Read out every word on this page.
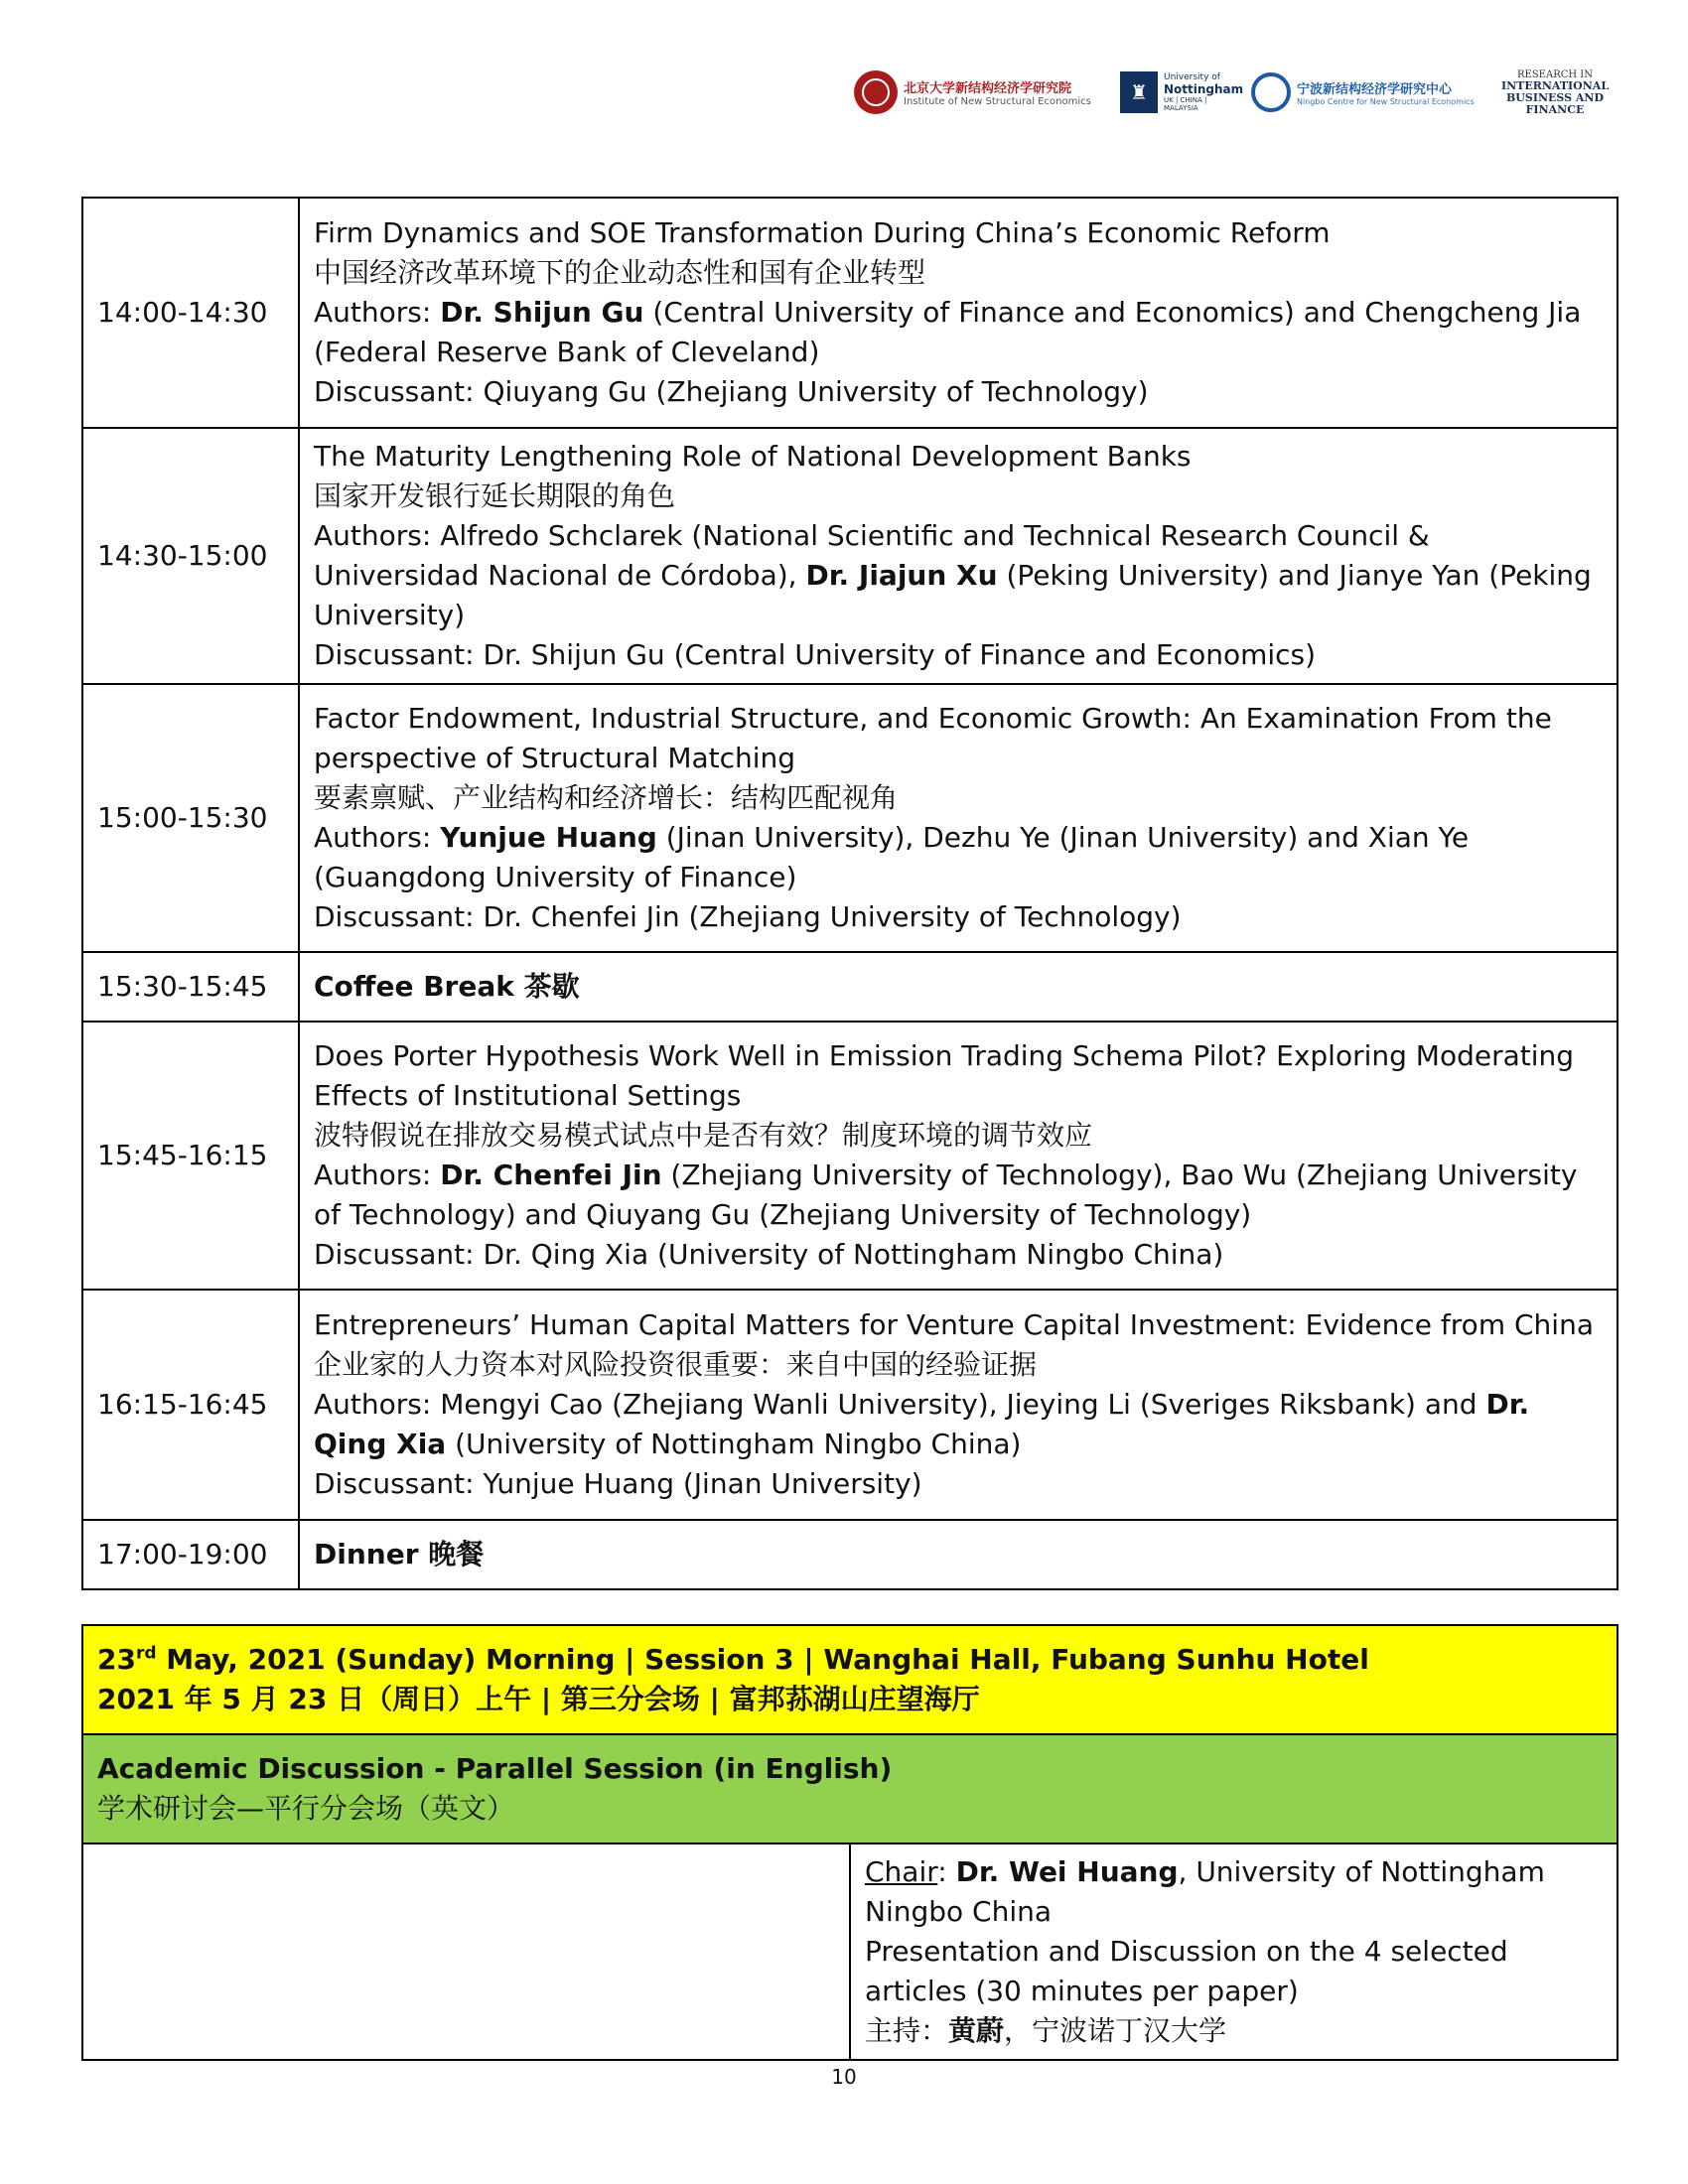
北京大学新结构经济学研究院
Institute of New Structural Economics	♜
University of
Nottingham
UK | CHINA | MALAYSIA
宁波新结构经济学研究中心
Ningbo Centre for New Structural Economics
RESEARCH IN
INTERNATIONAL
BUSINESS AND
FINANCE
14:00-14:30	Firm Dynamics and SOE Transformation During China’s Economic Reform
中国经济改革环境下的企业动态性和国有企业转型
Authors: Dr. Shijun Gu (Central University of Finance and Economics) and Chengcheng Jia (Federal Reserve Bank of Cleveland)
Discussant: Qiuyang Gu (Zhejiang University of Technology)

14:30-15:00	The Maturity Lengthening Role of National Development Banks
国家开发银行延长期限的角色
Authors: Alfredo Schclarek (National Scientific and Technical Research Council & Universidad Nacional de Córdoba), Dr. Jiajun Xu (Peking University) and Jianye Yan (Peking University)
Discussant: Dr. Shijun Gu (Central University of Finance and Economics)

15:00-15:30	Factor Endowment, Industrial Structure, and Economic Growth: An Examination From the perspective of Structural Matching
要素禀赋、产业结构和经济增长：结构匹配视角
Authors: Yunjue Huang (Jinan University), Dezhu Ye (Jinan University) and Xian Ye (Guangdong University of Finance)
Discussant: Dr. Chenfei Jin (Zhejiang University of Technology)

15:30-15:45	Coffee Break 茶歇
15:45-16:15	Does Porter Hypothesis Work Well in Emission Trading Schema Pilot? Exploring Moderating Effects of Institutional Settings
波特假说在排放交易模式试点中是否有效？制度环境的调节效应
Authors: Dr. Chenfei Jin (Zhejiang University of Technology), Bao Wu (Zhejiang University of Technology) and Qiuyang Gu (Zhejiang University of Technology)
Discussant: Dr. Qing Xia (University of Nottingham Ningbo China)

16:15-16:45	Entrepreneurs’ Human Capital Matters for Venture Capital Investment: Evidence from China
企业家的人力资本对风险投资很重要：来自中国的经验证据
Authors: Mengyi Cao (Zhejiang Wanli University), Jieying Li (Sveriges Riksbank) and Dr. Qing Xia (University of Nottingham Ningbo China)
Discussant: Yunjue Huang (Jinan University)

17:00-19:00	Dinner 晚餐
23rd May, 2021 (Sunday) Morning | Session 3 | Wanghai Hall, Fubang Sunhu Hotel
2021 年 5 月 23 日（周日）上午 | 第三分会场 | 富邦荪湖山庄望海厅

Academic Discussion - Parallel Session (in English)
学术研讨会—平行分会场（英文）

Chair: Dr. Wei Huang, University of Nottingham Ningbo China
Presentation and Discussion on the 4 selected articles (30 minutes per paper)
主持：黄蔚，宁波诺丁汉大学
10
